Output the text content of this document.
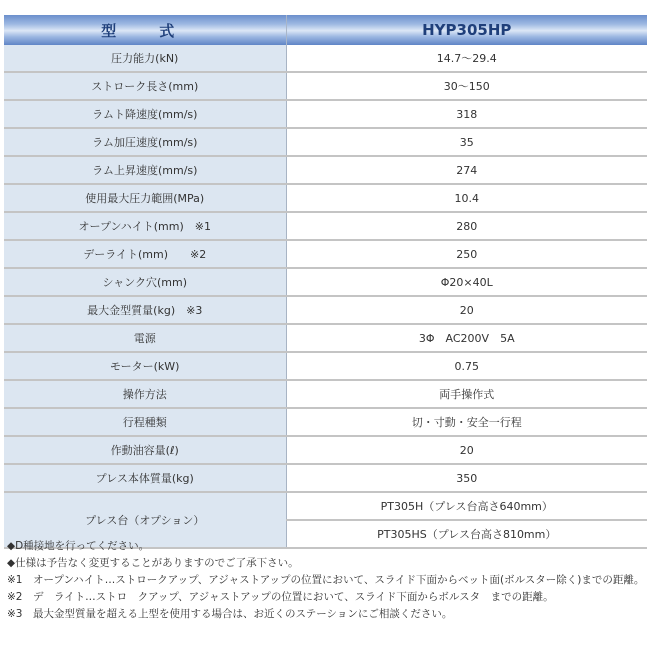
型　式	HYP305HP
圧力能力(kN)	14.7〜29.4
ストローク長さ(mm)	30〜150
ラムト降速度(mm/s)	318
ラム加圧速度(mm/s)	35
ラム上昇速度(mm/s)	274
使用最大圧力範囲(MPa)	10.4
オープンハイト(mm)　※1	280
デーライト(mm)　　※2	250
シャンク穴(mm)	Φ20×40L
最大金型質量(kg)　※3	20
電源	3Φ　AC200V　5A
モーター(kW)	0.75
操作方法	両手操作式
行程種類	切・寸動・安全一行程
作動油容量(ℓ)	20
プレス本体質量(kg)	350
プレス台（オプション）	PT305H（プレス台高さ640mm）
	PT305HS（プレス台高さ810mm）
◆D種接地を行ってください。
◆仕様は予告なく変更することがありますのでご了承下さい。
※1　オープンハイト…ストロークアップ、アジャストアップの位置において、スライド下面からベット面(ボルスター除く)までの距離。
※2　デ　ライト…ストロ　クアップ、アジャストアップの位置において、スライド下面からボルスタ　までの距離。
※3　最大金型質量を超える上型を使用する場合は、お近くのステーションにご相談ください。
